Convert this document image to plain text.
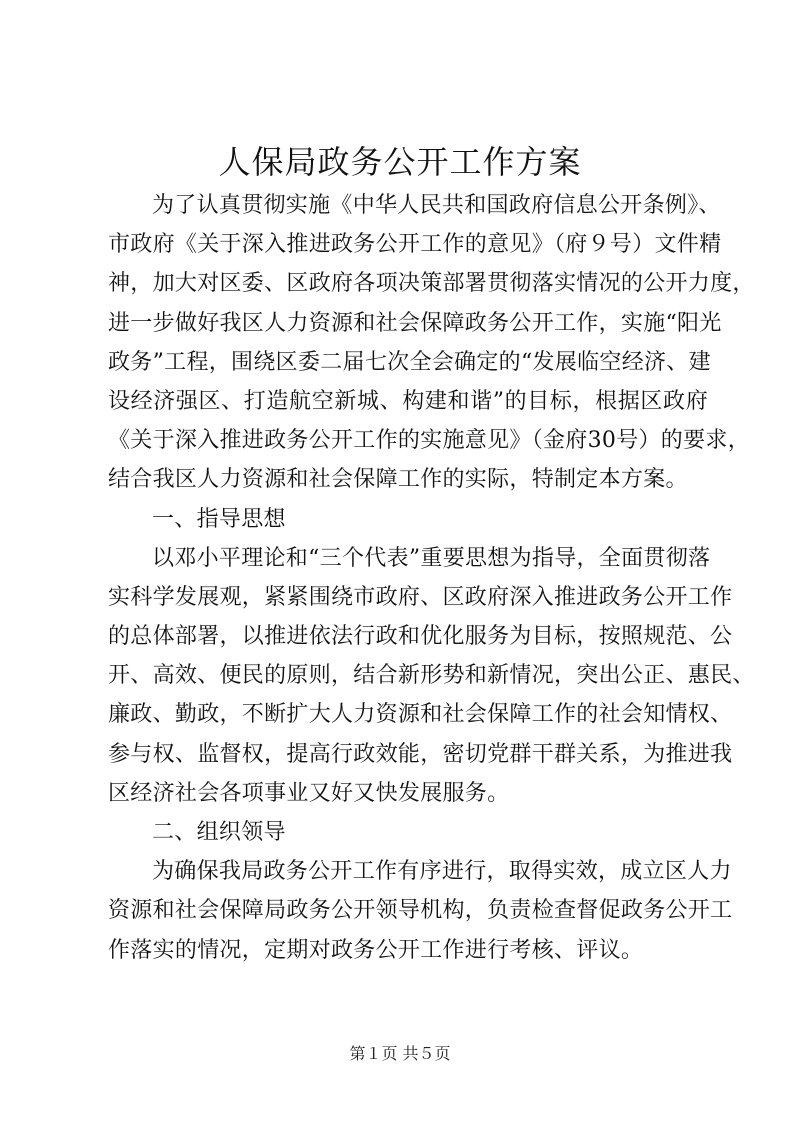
人保局政务公开工作方案
为了认真贯彻实施《中华人民共和国政府信息公开条例》、
市政府《关于深入推进政务公开工作的意见》（府９号）文件精
神，加大对区委、区政府各项决策部署贯彻落实情况的公开力度，
进一步做好我区人力资源和社会保障政务公开工作，实施“阳光
政务”工程，围绕区委二届七次全会确定的“发展临空经济、建
设经济强区、打造航空新城、构建和谐”的目标，根据区政府
《关于深入推进政务公开工作的实施意见》（金府30号）的要求，
结合我区人力资源和社会保障工作的实际，特制定本方案。
一、指导思想
以邓小平理论和“三个代表”重要思想为指导，全面贯彻落
实科学发展观，紧紧围绕市政府、区政府深入推进政务公开工作
的总体部署，以推进依法行政和优化服务为目标，按照规范、公
开、高效、便民的原则，结合新形势和新情况，突出公正、惠民、
廉政、勤政，不断扩大人力资源和社会保障工作的社会知情权、
参与权、监督权，提高行政效能，密切党群干群关系，为推进我
区经济社会各项事业又好又快发展服务。
二、组织领导
为确保我局政务公开工作有序进行，取得实效，成立区人力
资源和社会保障局政务公开领导机构，负责检查督促政务公开工
作落实的情况，定期对政务公开工作进行考核、评议。
第１页 共５页
